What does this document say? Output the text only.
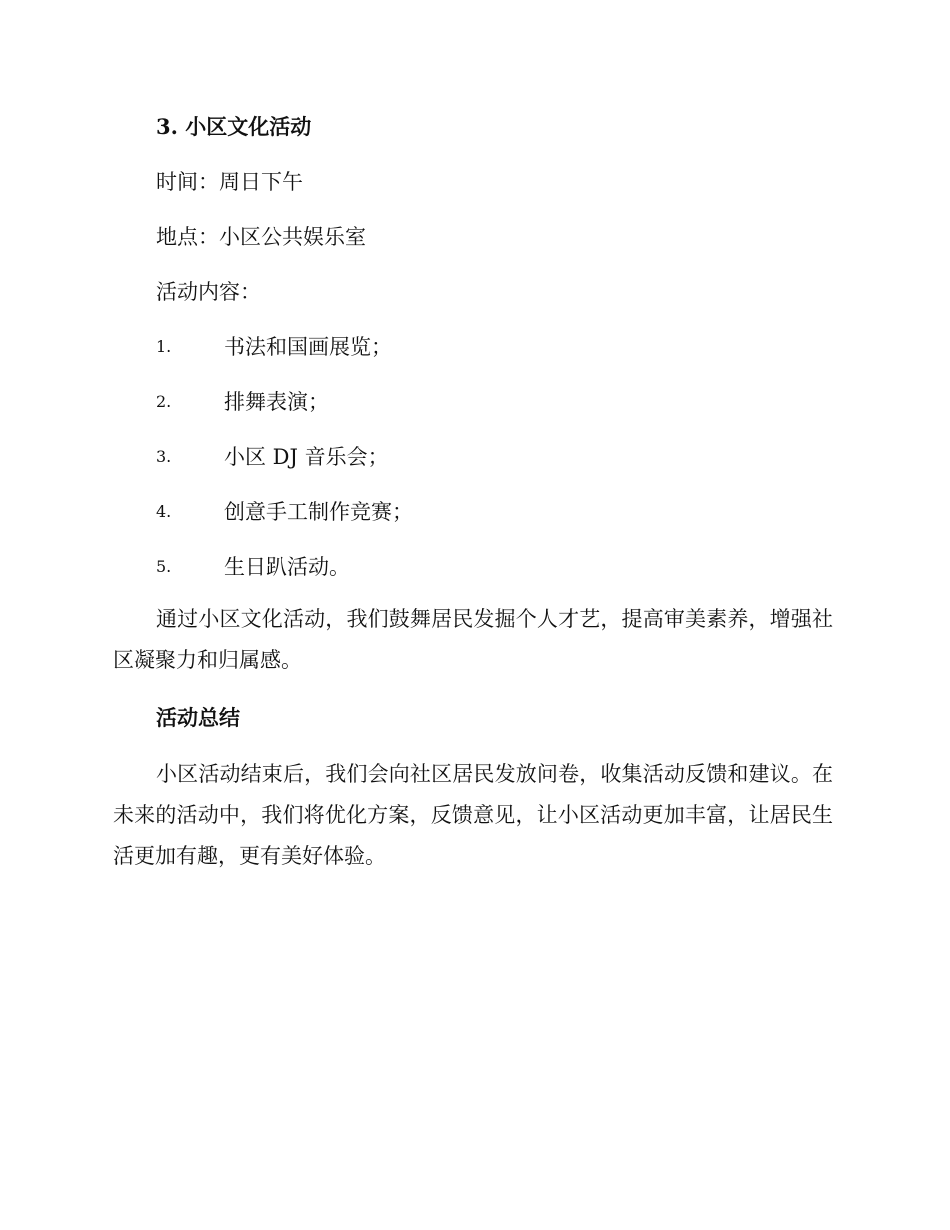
3. 小区文化活动
时间：周日下午
地点：小区公共娱乐室
活动内容：
1.	书法和国画展览；
2.	排舞表演；
3.	小区 DJ 音乐会；
4.	创意手工制作竞赛；
5.	生日趴活动。
通过小区文化活动，我们鼓舞居民发掘个人才艺，提高审美素养，增强社区凝聚力和归属感。
活动总结
小区活动结束后，我们会向社区居民发放问卷，收集活动反馈和建议。在未来的活动中，我们将优化方案，反馈意见，让小区活动更加丰富，让居民生活更加有趣，更有美好体验。
